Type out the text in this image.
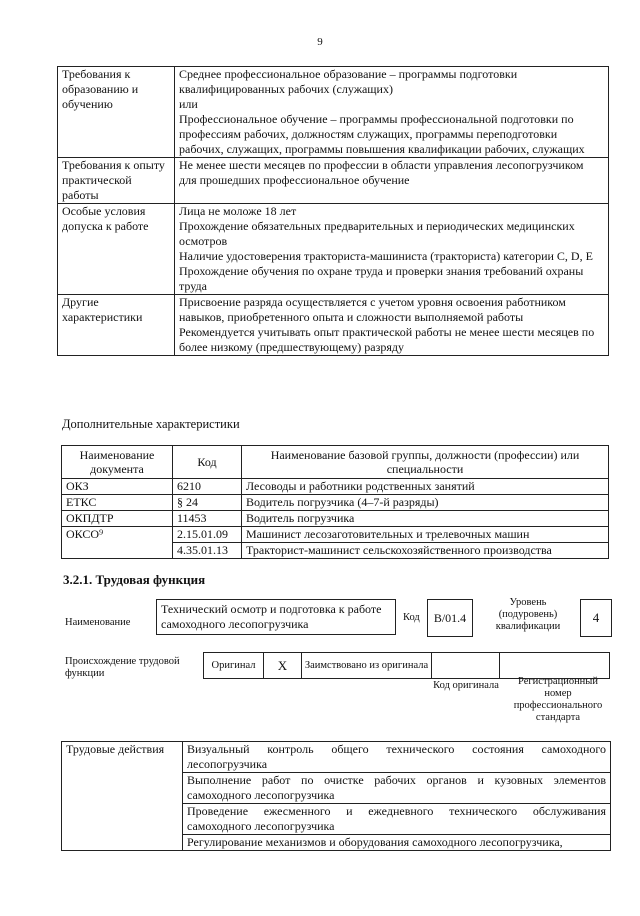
9
Требования к образованию и обучению	Среднее профессиональное образование – программы подготовки квалифицированных рабочих (служащих)

или

Профессиональное обучение – программы профессиональной подготовки по профессиям рабочих, должностям служащих, программы переподготовки рабочих, служащих, программы повышения квалификации рабочих, служащих

Требования к опыту практической работы	Не менее шести месяцев по профессии в области управления лесопогрузчиком для прошедших профессиональное обучение

Особые условия допуска к работе	Лица не моложе 18 лет

Прохождение обязательных предварительных и периодических медицинских осмотров

Наличие удостоверения тракториста-машиниста (тракториста) категории C, D, E

Прохождение обучения по охране труда и проверки знания требований охраны труда

Другие характеристики	Присвоение разряда осуществляется с учетом уровня освоения работником навыков, приобретенного опыта и сложности выполняемой работы

Рекомендуется учитывать опыт практической работы не менее шести месяцев по более низкому (предшествующему) разряду

Дополнительные характеристики
Наименование документа	Код	Наименование базовой группы, должности (профессии) или специальности
ОКЗ	6210	Лесоводы и работники родственных занятий
ЕТКС	§ 24	Водитель погрузчика (4–7-й разряды)
ОКПДТР	11453	Водитель погрузчика
ОКСО⁹	2.15.01.09	Машинист лесозаготовительных и трелевочных машин
	4.35.01.13	Тракторист-машинист сельскохозяйственного производства
3.2.1. Трудовая функция
Наименование
Технический осмотр и подготовка к работе самоходного лесопогрузчика	Код	B/01.4
Уровень (подуровень) квалификации
4
Происхождение трудовой функции
Оригинал	X	Заимствовано из оригинала
Код оригинала	Регистрационный номер профессионального стандарта
Трудовые действия	Визуальный контроль общего технического состояния самоходного лесопогрузчика
Выполнение работ по очистке рабочих органов и кузовных элементов самоходного лесопогрузчика
Проведение ежесменного и ежедневного технического обслуживания самоходного лесопогрузчика
Регулирование механизмов и оборудования самоходного лесопогрузчика,
